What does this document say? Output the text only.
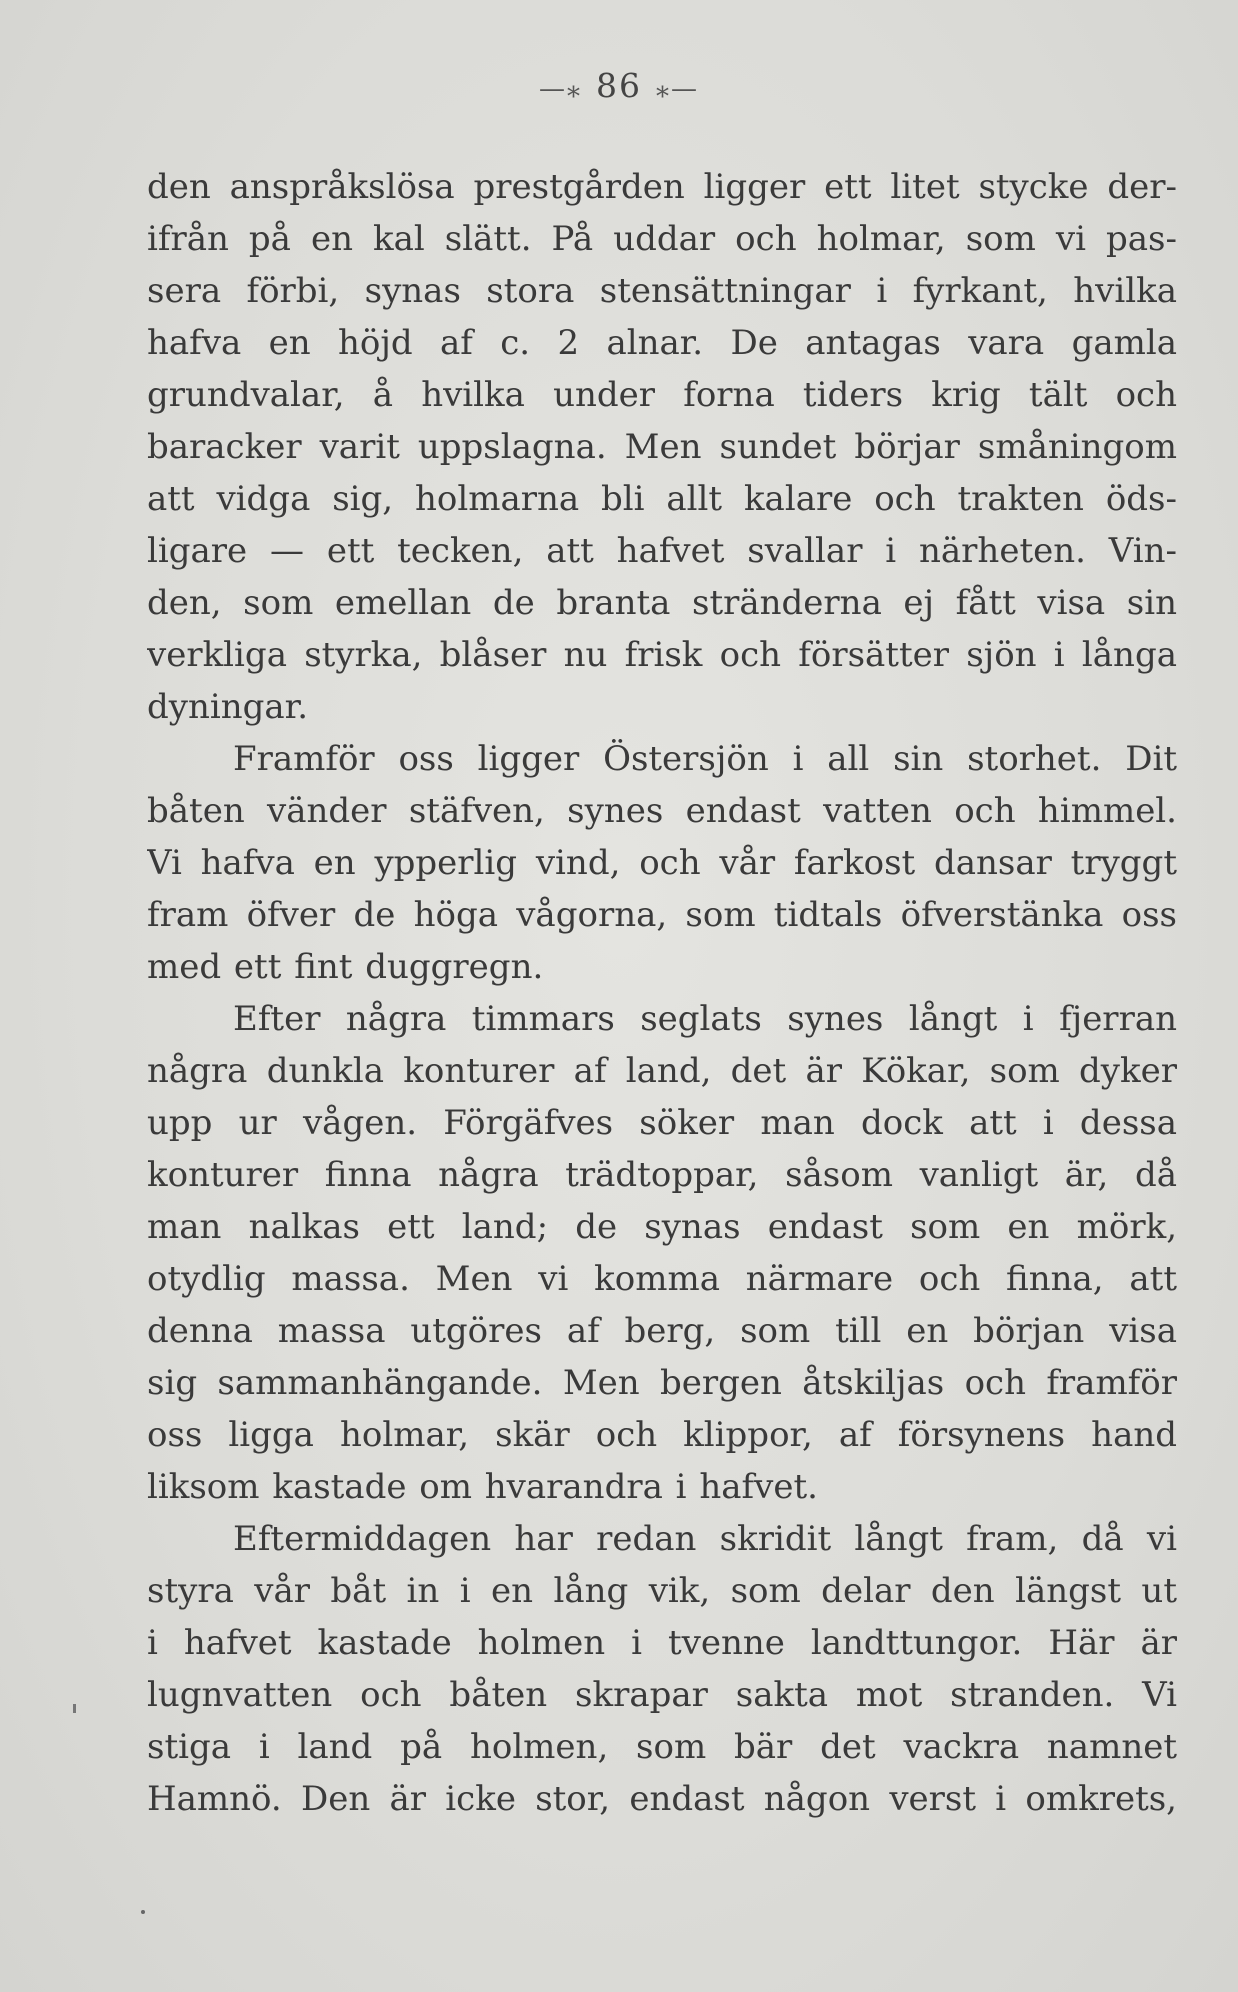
—⁎ 86 ⁎—
den anspråkslösa prestgården ligger ett litet stycke der-
ifrån på en kal slätt. På uddar och holmar, som vi pas-
sera förbi, synas stora stensättningar i fyrkant, hvilka
hafva en höjd af c. 2 alnar. De antagas vara gamla
grundvalar, å hvilka under forna tiders krig tält och
baracker varit uppslagna. Men sundet börjar småningom
att vidga sig, holmarna bli allt kalare och trakten öds-
ligare — ett tecken, att hafvet svallar i närheten. Vin-
den, som emellan de branta stränderna ej fått visa sin
verkliga styrka, blåser nu frisk och försätter sjön i långa
dyningar.
Framför oss ligger Östersjön i all sin storhet. Dit
båten vänder stäfven, synes endast vatten och himmel.
Vi hafva en ypperlig vind, och vår farkost dansar tryggt
fram öfver de höga vågorna, som tidtals öfverstänka oss
med ett fint duggregn.
Efter några timmars seglats synes långt i fjerran
några dunkla konturer af land, det är Kökar, som dyker
upp ur vågen. Förgäfves söker man dock att i dessa
konturer finna några trädtoppar, såsom vanligt är, då
man nalkas ett land; de synas endast som en mörk,
otydlig massa. Men vi komma närmare och finna, att
denna massa utgöres af berg, som till en början visa
sig sammanhängande. Men bergen åtskiljas och framför
oss ligga holmar, skär och klippor, af försynens hand
liksom kastade om hvarandra i hafvet.
Eftermiddagen har redan skridit långt fram, då vi
styra vår båt in i en lång vik, som delar den längst ut
i hafvet kastade holmen i tvenne landttungor. Här är
lugnvatten och båten skrapar sakta mot stranden. Vi
stiga i land på holmen, som bär det vackra namnet
Hamnö. Den är icke stor, endast någon verst i omkrets,
